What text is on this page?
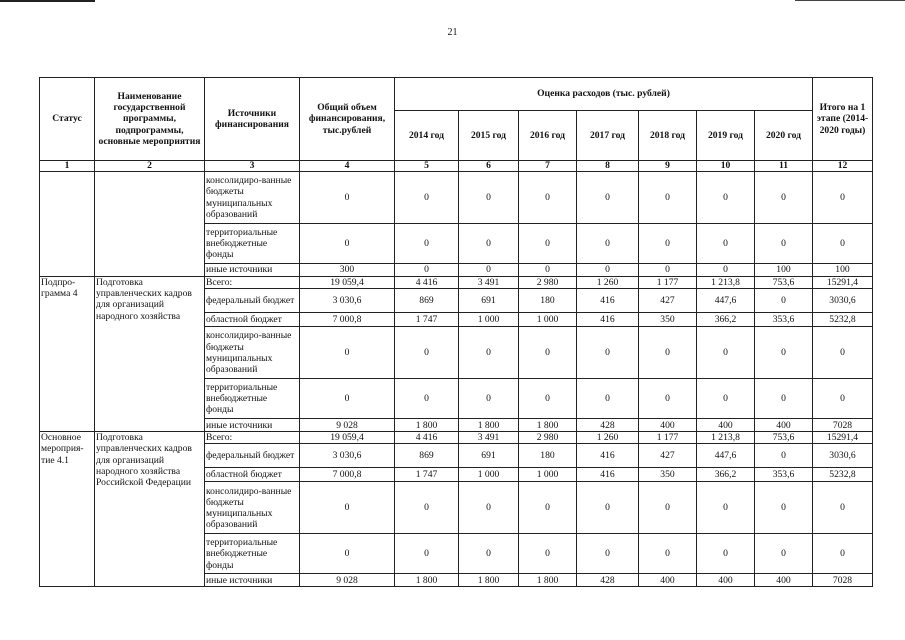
21
Статус	Наименование государственной программы, подпрограммы, основные мероприятия	Источники финансирования	Общий объем финансирования, тыс.рублей	Оценка расходов (тыс. рублей)							Итого на 1 этапе (2014-2020 годы)
				2014 год	2015 год	2016 год	2017 год	2018 год	2019 год	2020 год	
1	2	3	4	5	6	7	8	9	10	11	12
		консолидиро-ванные бюджеты муниципальных образований	0	0	0	0	0	0	0	0	0
		территориальные внебюджетные фонды	0	0	0	0	0	0	0	0	0
		иные источники	300	0	0	0	0	0	0	100	100
Подпро-грамма 4	Подготовка управленческих кадров для организаций народного хозяйства	Всего:	19 059,4	4 416	3 491	2 980	1 260	1 177	1 213,8	753,6	15291,4
		федеральный бюджет	3 030,6	869	691	180	416	427	447,6	0	3030,6
		областной бюджет	7 000,8	1 747	1 000	1 000	416	350	366,2	353,6	5232,8
		консолидиро-ванные бюджеты муниципальных образований	0	0	0	0	0	0	0	0	0
		территориальные внебюджетные фонды	0	0	0	0	0	0	0	0	0
		иные источники	9 028	1 800	1 800	1 800	428	400	400	400	7028
Основное мероприя-тие 4.1	Подготовка управленческих кадров для организаций народного хозяйства Российской Федерации	Всего:	19 059,4	4 416	3 491	2 980	1 260	1 177	1 213,8	753,6	15291,4
		федеральный бюджет	3 030,6	869	691	180	416	427	447,6	0	3030,6
		областной бюджет	7 000,8	1 747	1 000	1 000	416	350	366,2	353,6	5232,8
		консолидиро-ванные бюджеты муниципальных образований	0	0	0	0	0	0	0	0	0
		территориальные внебюджетные фонды	0	0	0	0	0	0	0	0	0
		иные источники	9 028	1 800	1 800	1 800	428	400	400	400	7028
